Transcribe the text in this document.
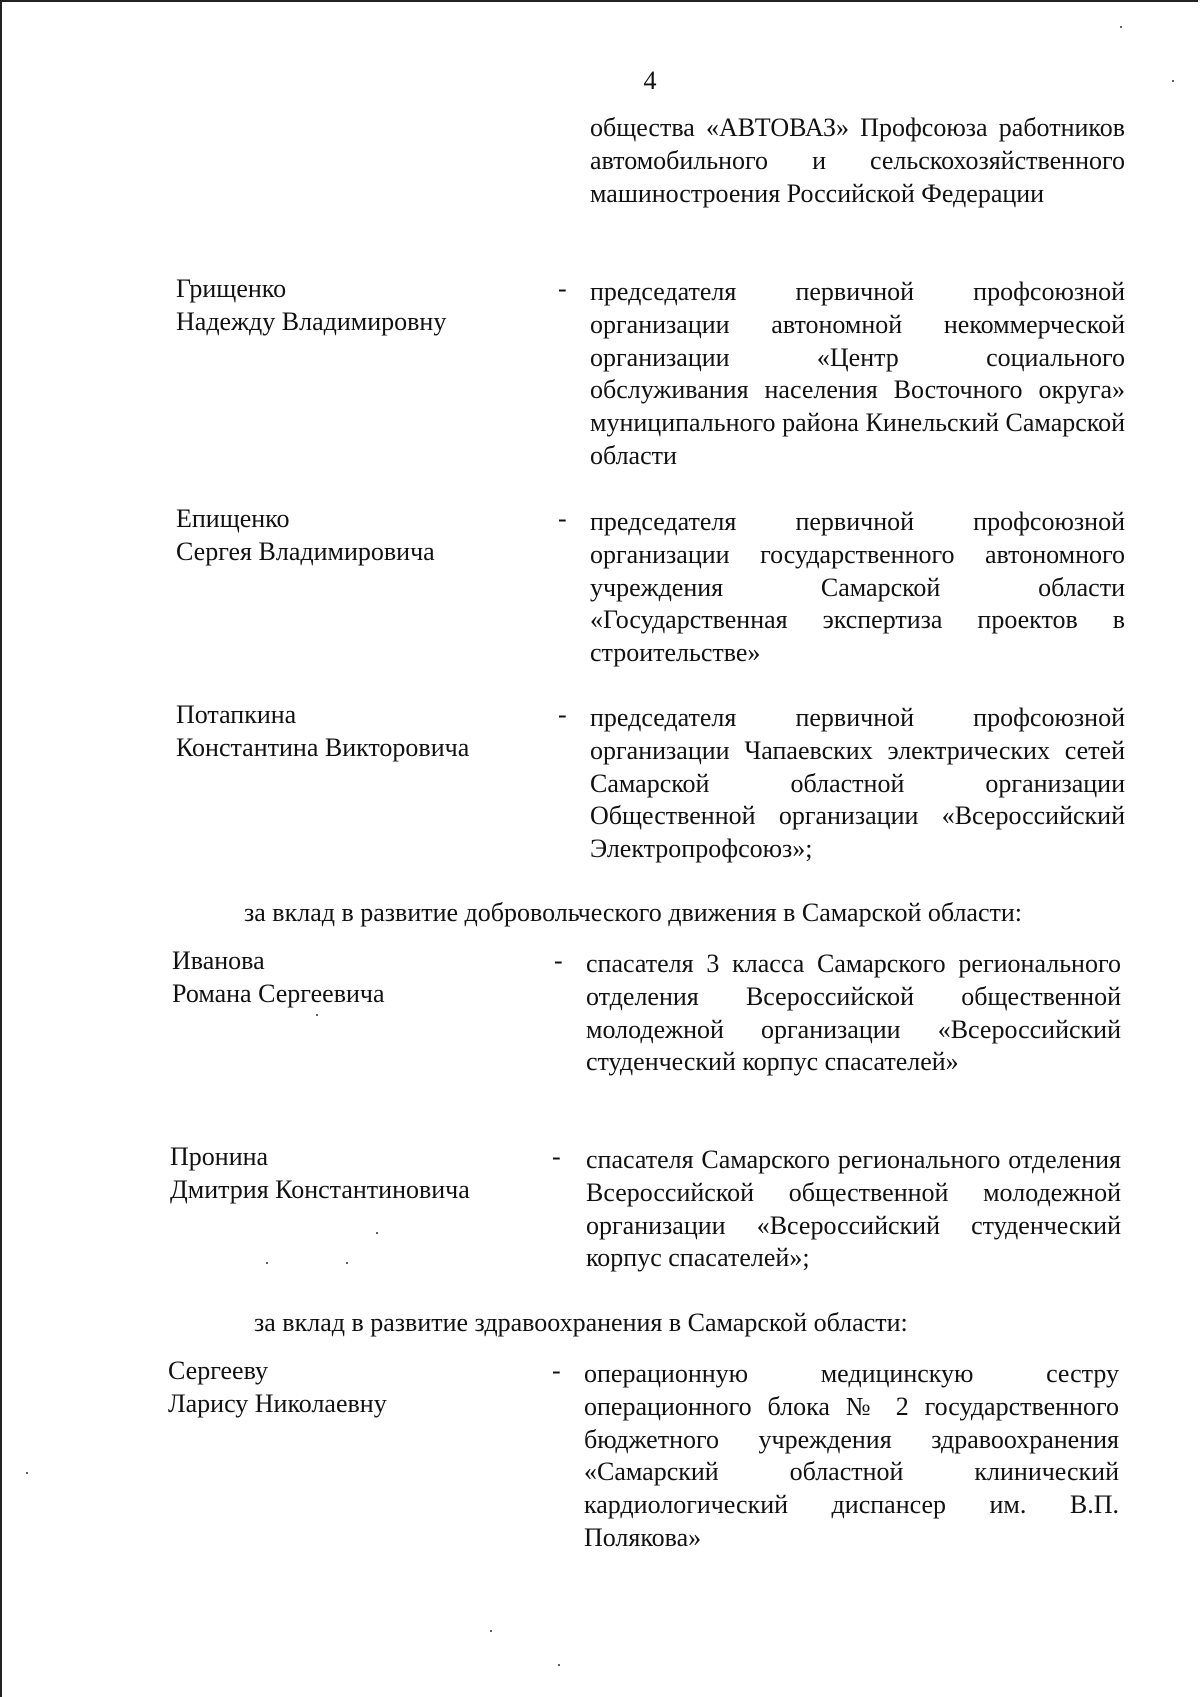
4
общества «АВТОВАЗ» Профсоюза работников автомобильного и сельскохозяйственного машиностроения Российской Федерации
Грищенко
Надежду Владимировну
- председателя первичной профсоюзной организации автономной некоммерческой организации «Центр социального обслуживания населения Восточного округа» муниципального района Кинельский Самарской области
Епищенко
Сергея Владимировича
- председателя первичной профсоюзной организации государственного автономного учреждения Самарской области «Государственная экспертиза проектов в строительстве»
Потапкина
Константина Викторовича
- председателя первичной профсоюзной организации Чапаевских электрических сетей Самарской областной организации Общественной организации «Всероссийский Электропрофсоюз»;
за вклад в развитие добровольческого движения в Самарской области:
Иванова
Романа Сергеевича
- спасателя 3 класса Самарского регионального отделения Всероссийской общественной молодежной организации «Всероссийский студенческий корпус спасателей»
Пронина
Дмитрия Константиновича
- спасателя Самарского регионального отделения Всероссийской общественной молодежной организации «Всероссийский студенческий корпус спасателей»;
за вклад в развитие здравоохранения в Самарской области:
Сергееву
Ларису Николаевну
- операционную медицинскую сестру операционного блока № 2 государственного бюджетного учреждения здравоохранения «Самарский областной клинический кардиологический диспансер им. В.П. Полякова»
